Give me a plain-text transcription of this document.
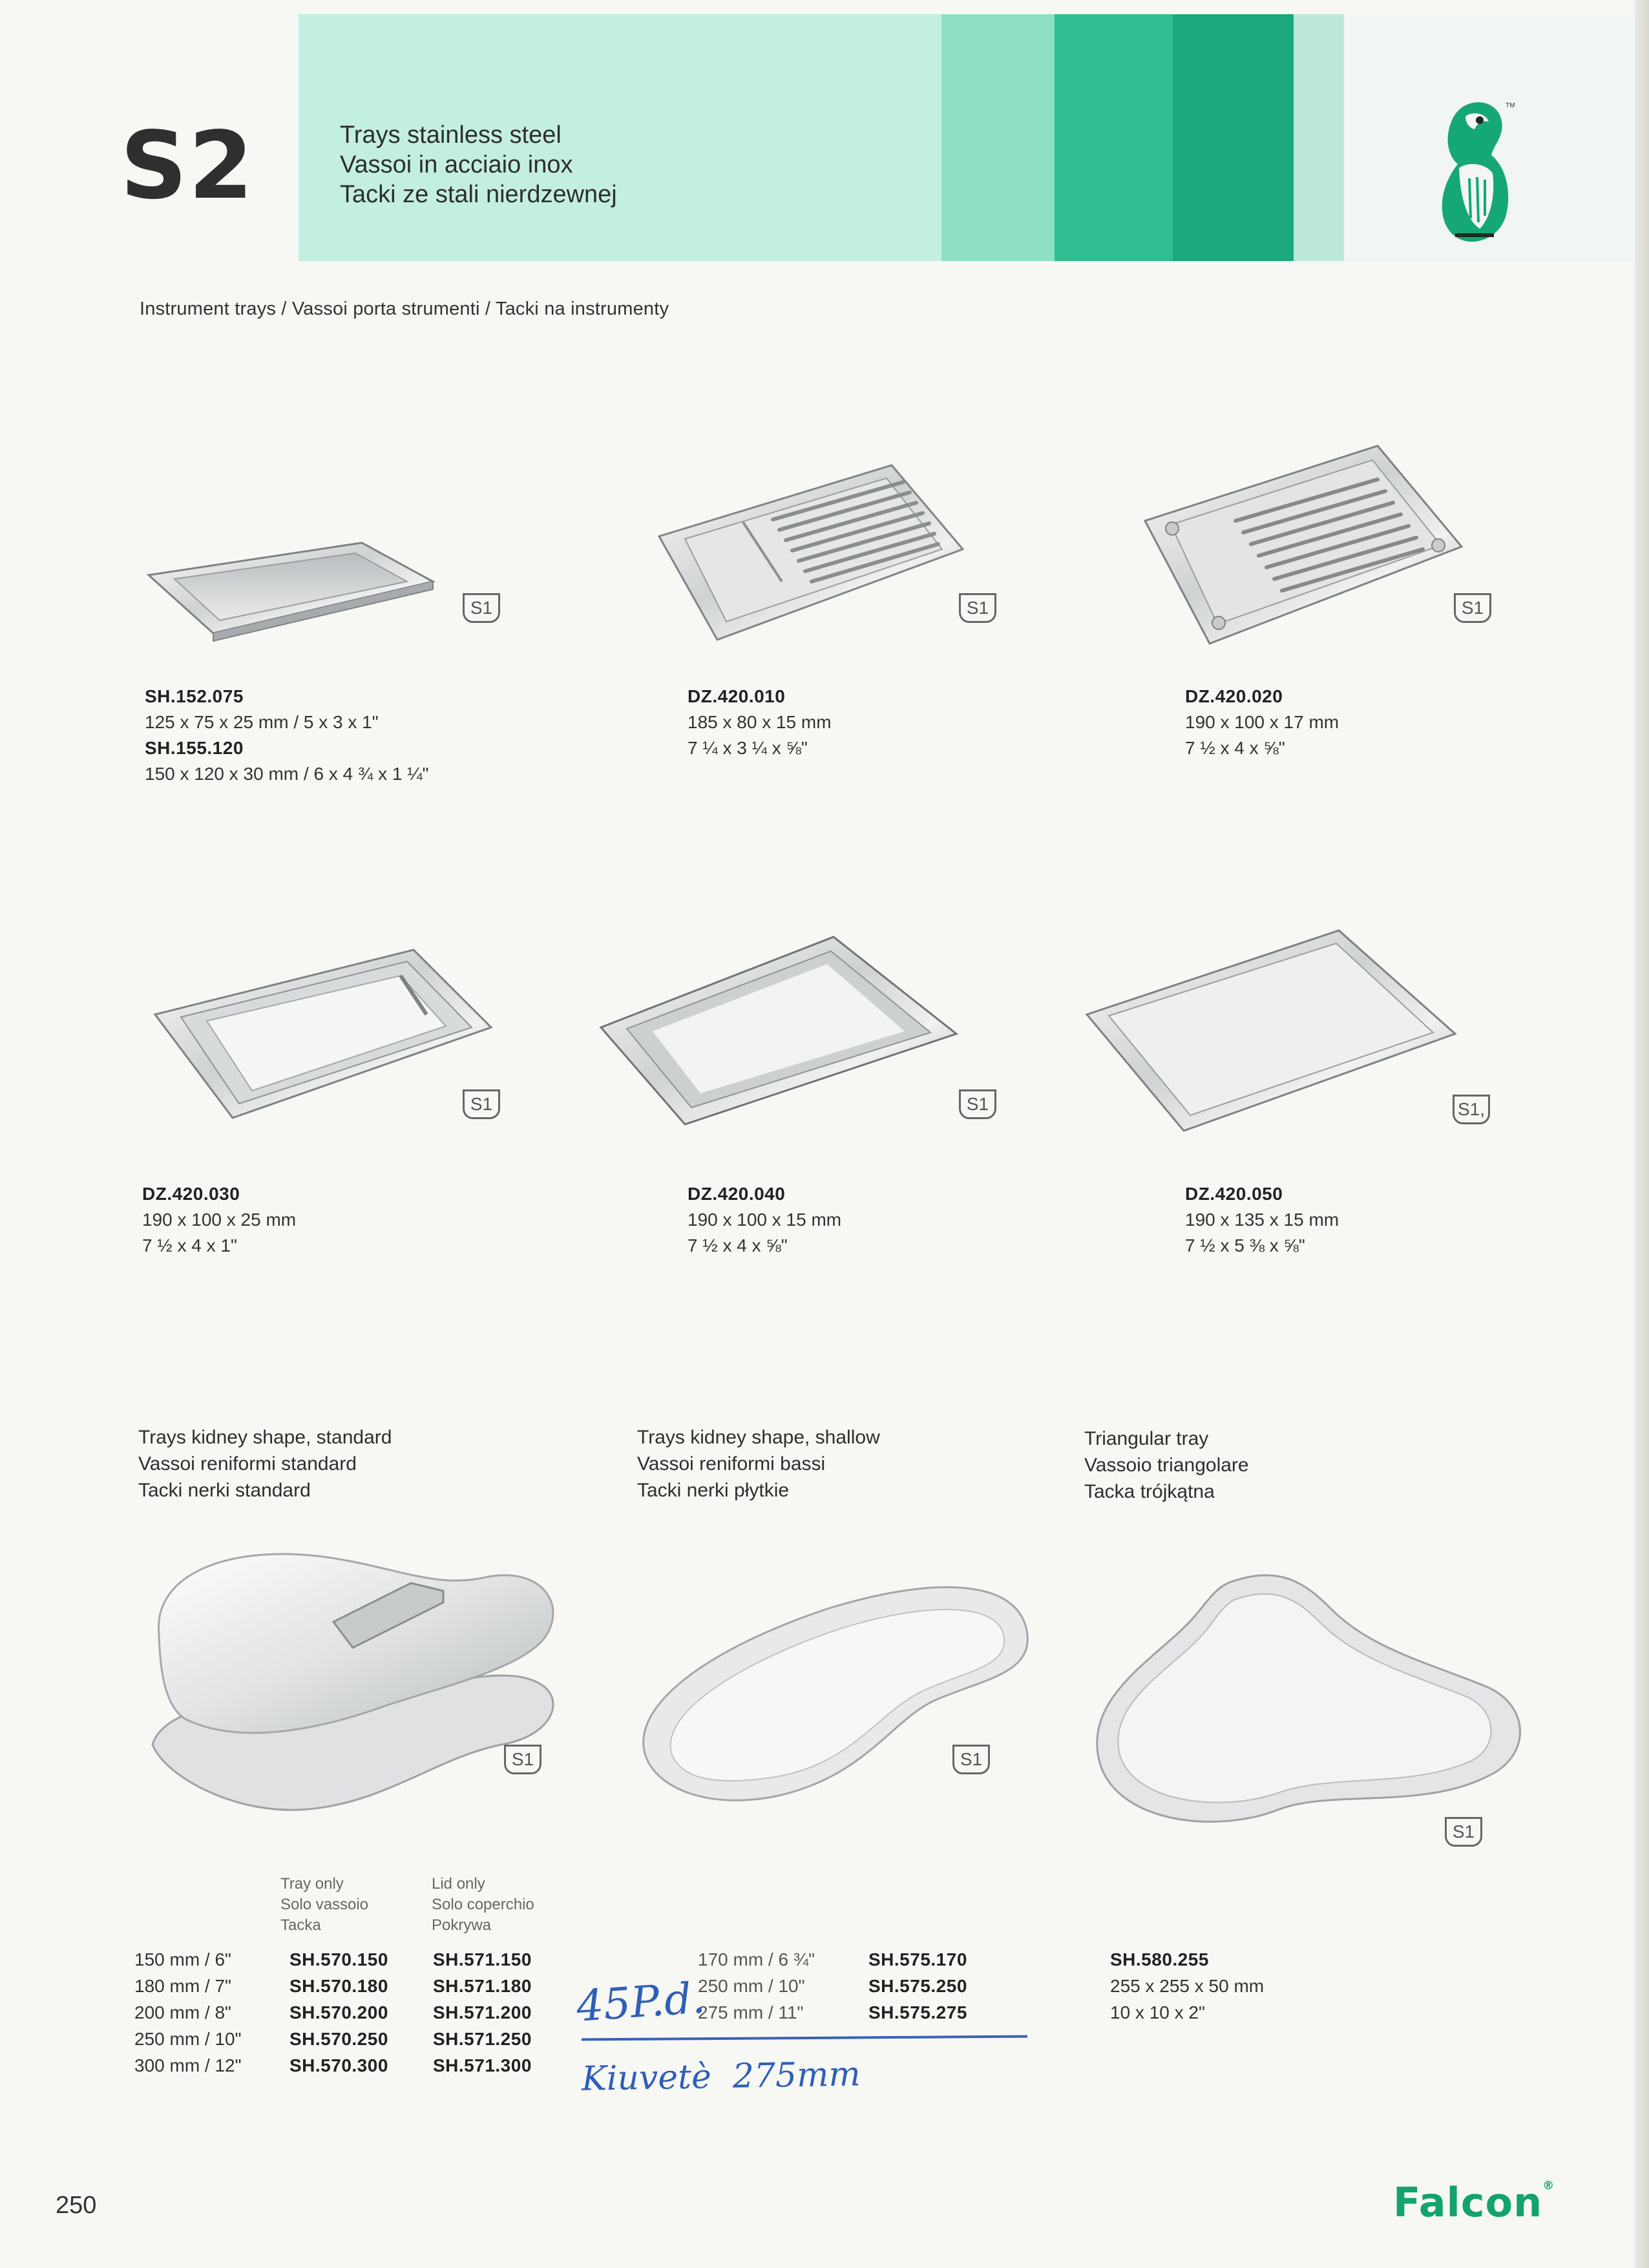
S2	Trays stainless steel
Vassoi in acciaio inox
Tacki ze stali nierdzewnej
TM
Instrument trays / Vassoi porta strumenti / Tacki na instrumenty
S1	S1	S1
SH.152.075
125 x 75 x 25 mm / 5 x 3 x 1"
SH.155.120
150 x 120 x 30 mm / 6 x 4 ¾ x 1 ¼"
DZ.420.010
185 x 80 x 15 mm
7 ¼ x 3 ¼ x ⅝"
DZ.420.020
190 x 100 x 17 mm
7 ½ x 4 x ⅝"
S1	S1	S1,
DZ.420.030
190 x 100 x 25 mm
7 ½ x 4 x 1"
DZ.420.040
190 x 100 x 15 mm
7 ½ x 4 x ⅝"
DZ.420.050
190 x 135 x 15 mm
7 ½ x 5 ⅜ x ⅝"
Trays kidney shape, standard
Vassoi reniformi standard
Tacki nerki standard
Trays kidney shape, shallow
Vassoi reniformi bassi
Tacki nerki płytkie
Triangular tray
Vassoio triangolare
Tacka trójkątna
S1	S1
S1
Tray only
Solo vassoio
Tacka
Lid only
Solo coperchio
Pokrywa
150 mm / 6"	SH.570.150	SH.571.150
180 mm / 7"	SH.570.180	SH.571.180
200 mm / 8"	SH.570.200	SH.571.200
250 mm / 10"	SH.570.250	SH.571.250
300 mm / 12"	SH.570.300	SH.571.300
170 mm / 6 ¾"	SH.575.170
250 mm / 10"	SH.575.250
275 mm / 11"	SH.575.275
SH.580.255
255 x 255 x 50 mm
10 x 10 x 2"
45P.d.
Kiuvetè  275mm
250	Falcon®
